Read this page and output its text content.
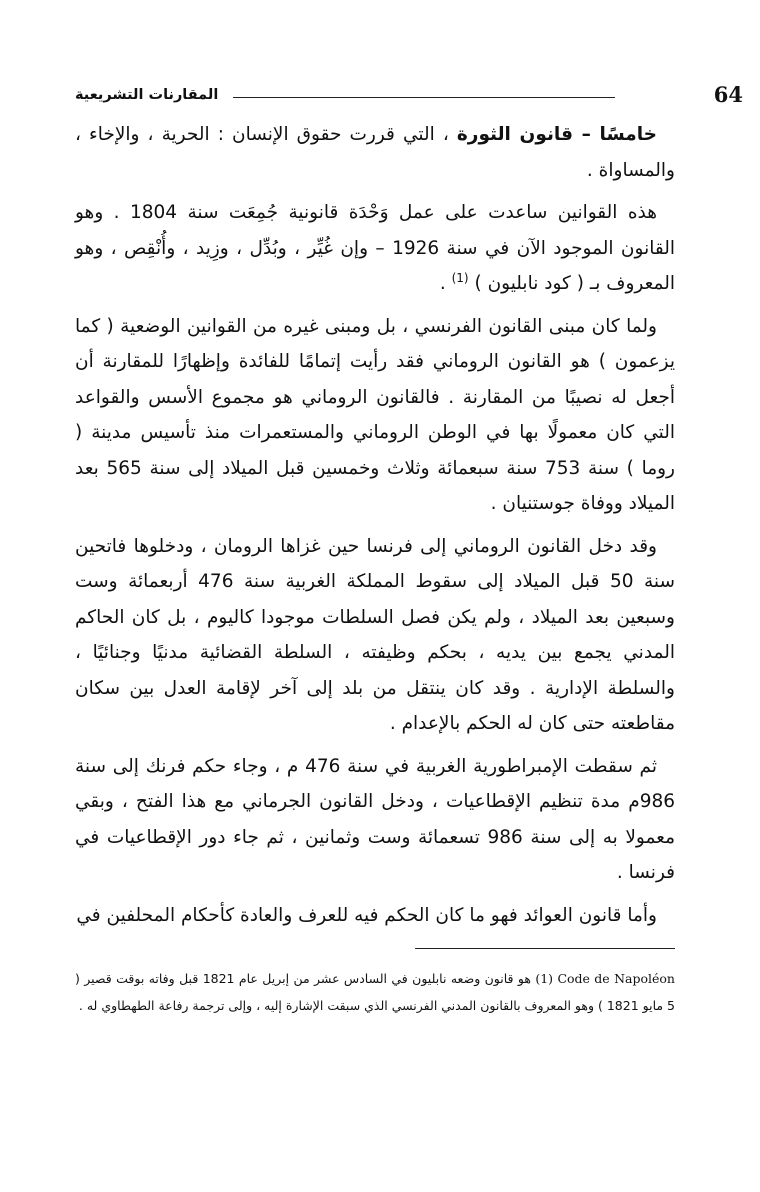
64
المقارنات التشريعية

خامسًا – قانون الثورة ، التي قررت حقوق الإنسان : الحرية ، والإخاء ، والمساواة .

هذه القوانين ساعدت على عمل وَحْدَة قانونية جُمِعَت سنة 1804 . وهو القانون الموجود الآن في سنة 1926 – وإن غُيِّر ، وبُدِّل ، وزِيد ، وأُنْقِص ، وهو المعروف بـ ( كود نابليون ) $^{(1)}$ .

ولما كان مبنى القانون الفرنسي ، بل ومبنى غيره من القوانين الوضعية ( كما يزعمون ) هو القانون الروماني فقد رأيت إتمامًا للفائدة وإظهارًا للمقارنة أن أجعل له نصيبًا من المقارنة . فالقانون الروماني هو مجموع الأسس والقواعد التي كان معمولًا بها في الوطن الروماني والمستعمرات منذ تأسيس مدينة ( روما ) سنة 753 سنة سبعمائة وثلاث وخمسين قبل الميلاد إلى سنة 565 بعد الميلاد ووفاة جوستنيان .

وقد دخل القانون الروماني إلى فرنسا حين غزاها الرومان ، ودخلوها فاتحين سنة 50 قبل الميلاد إلى سقوط المملكة الغربية سنة 476 أربعمائة وست وسبعين بعد الميلاد ، ولم يكن فصل السلطات موجودا كاليوم ، بل كان الحاكم المدني يجمع بين يديه ، بحكم وظيفته ، السلطة القضائية مدنيًا وجنائيًا ، والسلطة الإدارية . وقد كان ينتقل من بلد إلى آخر لإقامة العدل بين سكان مقاطعته حتى كان له الحكم بالإعدام .

ثم سقطت الإمبراطورية الغربية في سنة 476 م ، وجاء حكم فرنك إلى سنة 986م مدة تنظيم الإقطاعيات ، ودخل القانون الجرماني مع هذا الفتح ، وبقي معمولا به إلى سنة 986 تسعمائة وست وثمانين ، ثم جاء دور الإقطاعيات في فرنسا .

وأما قانون العوائد فهو ما كان الحكم فيه للعرف والعادة كأحكام المحلفين في

(1) Code de Napoléon هو قانون وضعه نابليون في السادس عشر من إبريل عام 1821 قبل وفاته بوقت قصير ( 5 مايو 1821 ) وهو المعروف بالقانون المدني الفرنسي الذي سبقت الإشارة إليه ، وإلى ترجمة رفاعة الطهطاوي له .
